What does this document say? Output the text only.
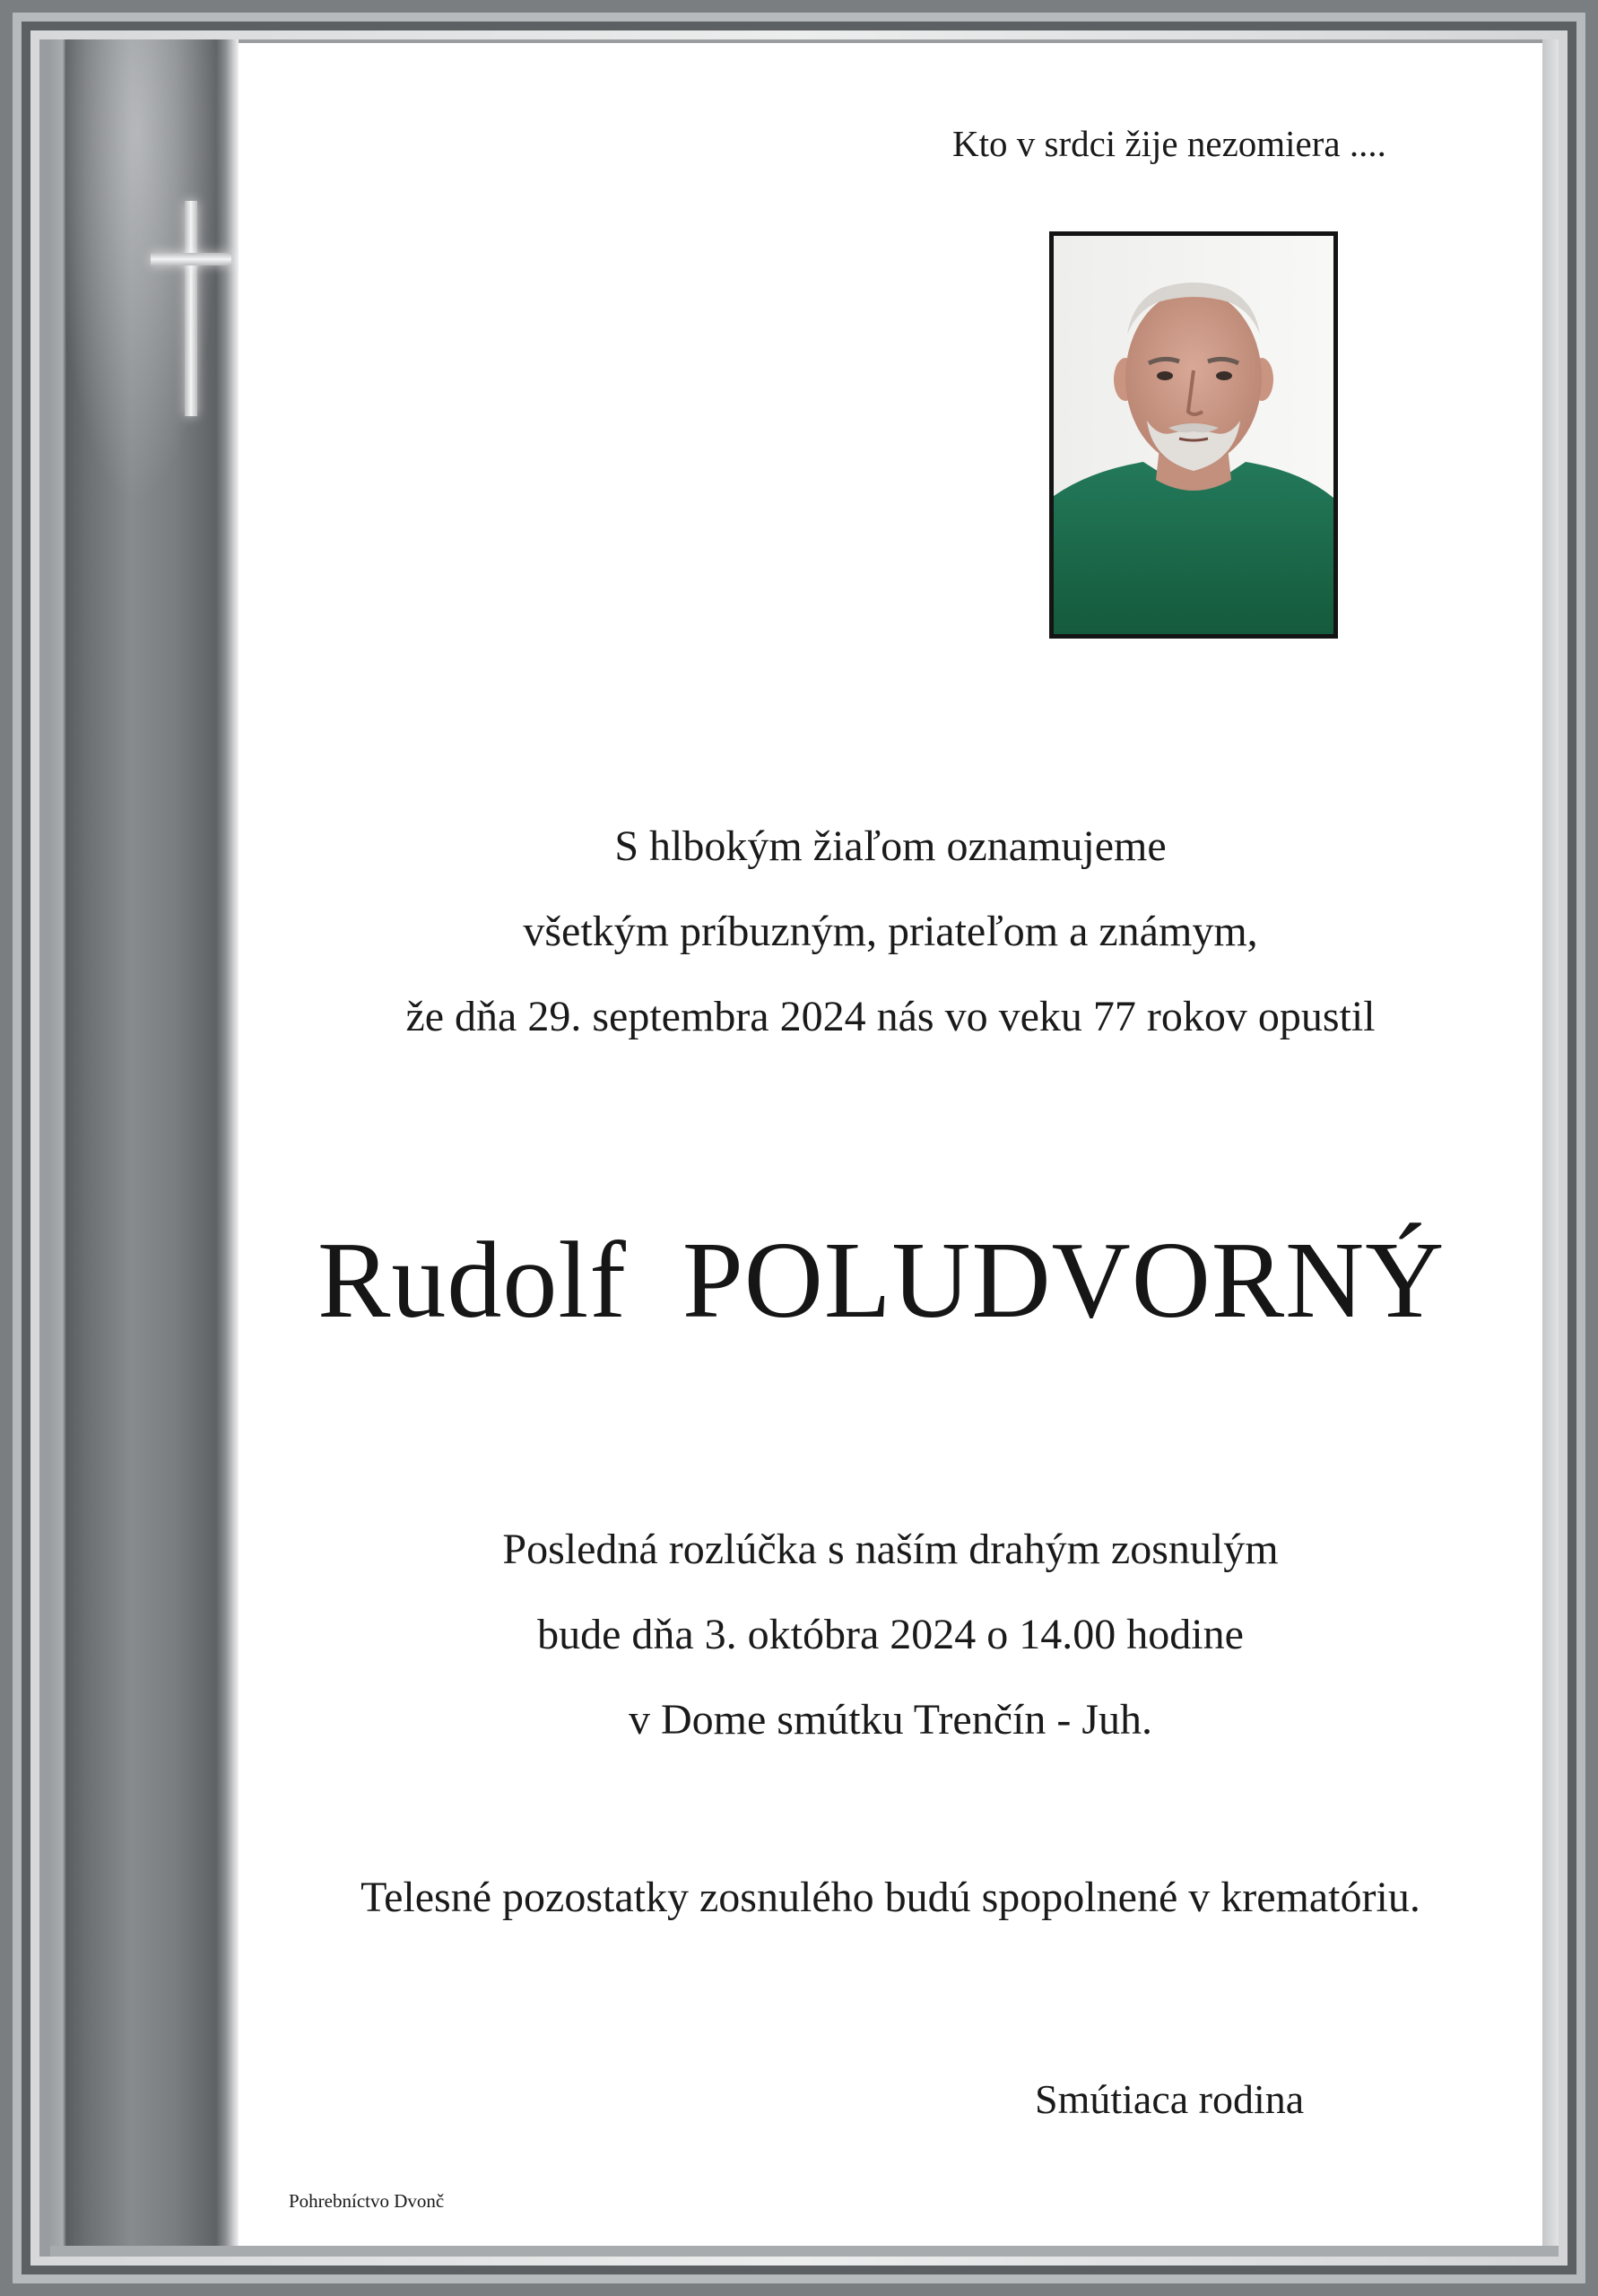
Kto v srdci žije nezomiera ....
S hlbokým žiaľom oznamujeme
všetkým príbuzným, priateľom a známym,
že dňa 29. septembra 2024 nás vo veku 77 rokov opustil
Rudolf POLUDVORNÝ
Posledná rozlúčka s naším drahým zosnulým
bude dňa 3. októbra 2024 o 14.00 hodine
v Dome smútku Trenčín - Juh.
Telesné pozostatky zosnulého budú spopolnené v krematóriu.
Smútiaca rodina
Pohrebníctvo Dvonč
